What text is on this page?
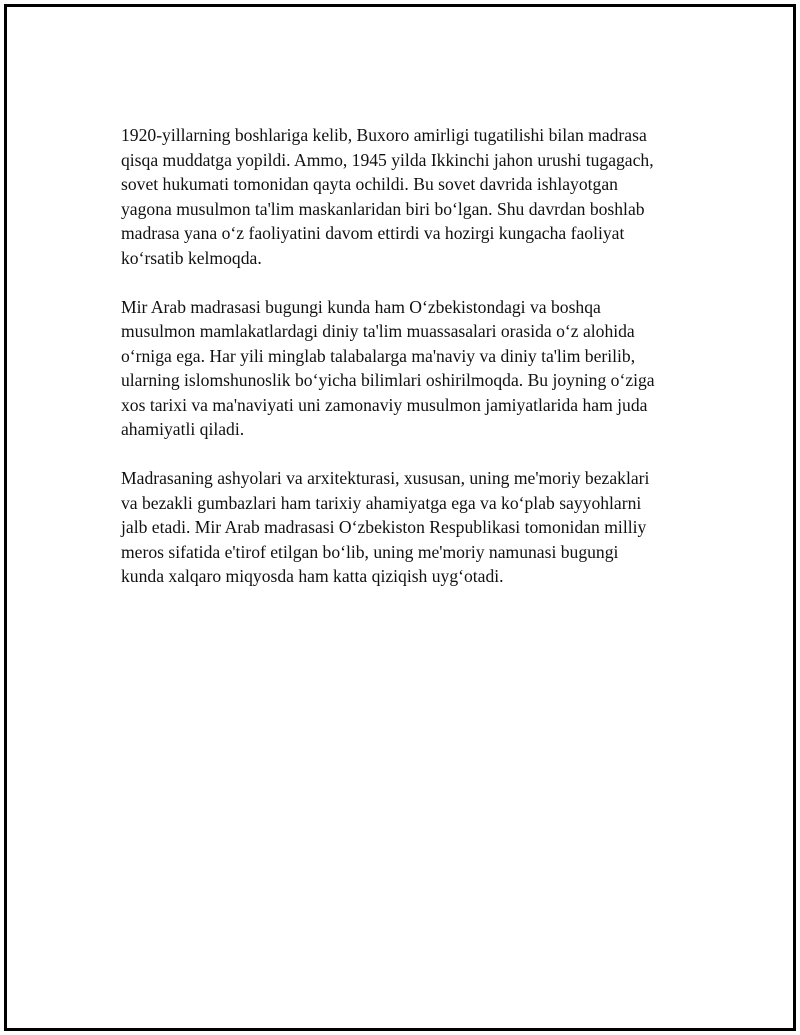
1920-yillarning boshlariga kelib, Buxoro amirligi tugatilishi bilan madrasa
qisqa muddatga yopildi. Ammo, 1945 yilda Ikkinchi jahon urushi tugagach,
sovet hukumati tomonidan qayta ochildi. Bu sovet davrida ishlayotgan
yagona musulmon ta'lim maskanlaridan biri bo‘lgan. Shu davrdan boshlab
madrasa yana o‘z faoliyatini davom ettirdi va hozirgi kungacha faoliyat
ko‘rsatib kelmoqda.

Mir Arab madrasasi bugungi kunda ham O‘zbekistondagi va boshqa
musulmon mamlakatlardagi diniy ta'lim muassasalari orasida o‘z alohida
o‘rniga ega. Har yili minglab talabalarga ma'naviy va diniy ta'lim berilib,
ularning islomshunoslik bo‘yicha bilimlari oshirilmoqda. Bu joyning o‘ziga
xos tarixi va ma'naviyati uni zamonaviy musulmon jamiyatlarida ham juda
ahamiyatli qiladi.

Madrasaning ashyolari va arxitekturasi, xususan, uning me'moriy bezaklari
va bezakli gumbazlari ham tarixiy ahamiyatga ega va ko‘plab sayyohlarni
jalb etadi. Mir Arab madrasasi O‘zbekiston Respublikasi tomonidan milliy
meros sifatida e'tirof etilgan bo‘lib, uning me'moriy namunasi bugungi
kunda xalqaro miqyosda ham katta qiziqish uyg‘otadi.
